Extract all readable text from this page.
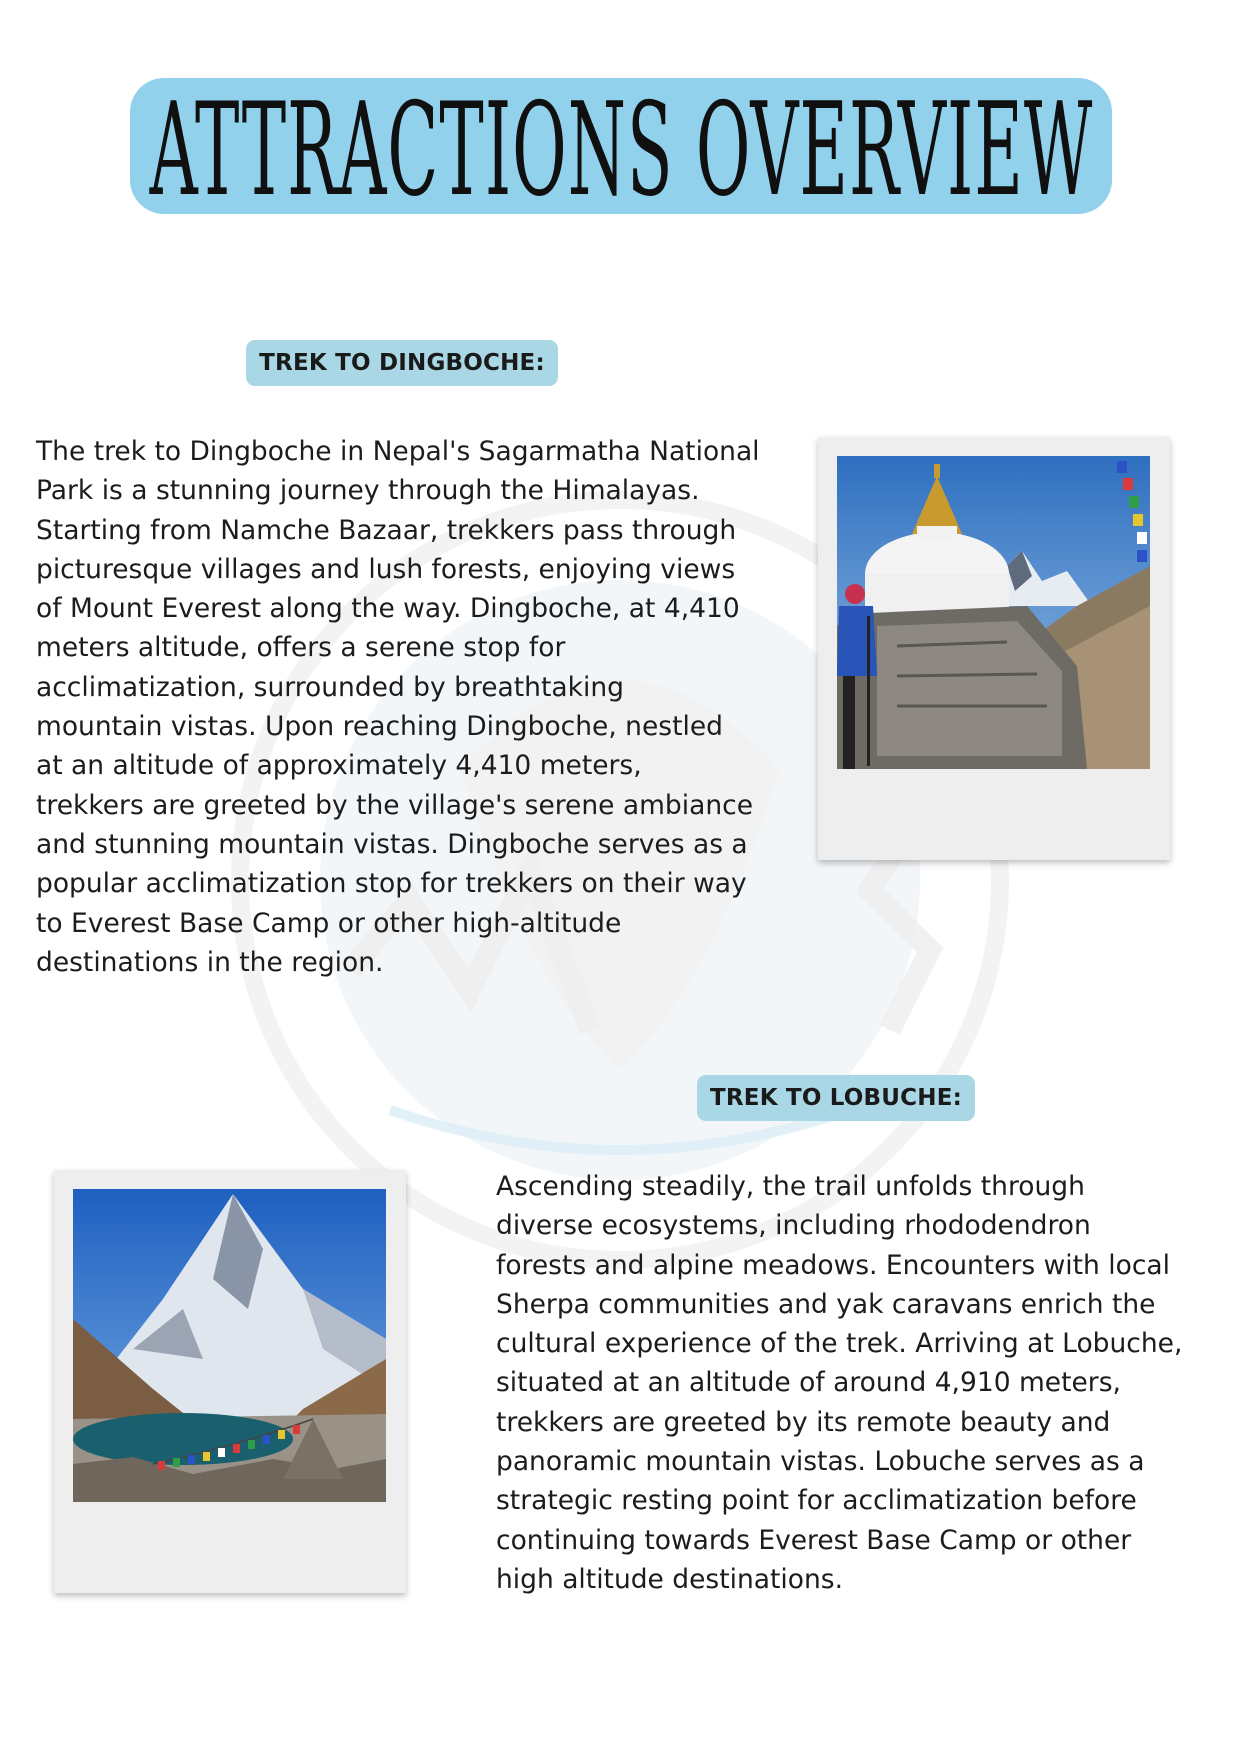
ATTRACTIONS OVERVIEW
TREK TO DINGBOCHE:
The trek to Dingboche in Nepal's Sagarmatha National
Park is a stunning journey through the Himalayas.
Starting from Namche Bazaar, trekkers pass through
picturesque villages and lush forests, enjoying views
of Mount Everest along the way. Dingboche, at 4,410
meters altitude, offers a serene stop for
acclimatization, surrounded by breathtaking
mountain vistas. Upon reaching Dingboche, nestled
at an altitude of approximately 4,410 meters,
trekkers are greeted by the village's serene ambiance
and stunning mountain vistas. Dingboche serves as a
popular acclimatization stop for trekkers on their way
to Everest Base Camp or other high-altitude
destinations in the region.
TREK TO LOBUCHE:
Ascending steadily, the trail unfolds through
diverse ecosystems, including rhododendron
forests and alpine meadows. Encounters with local
Sherpa communities and yak caravans enrich the
cultural experience of the trek. Arriving at Lobuche,
situated at an altitude of around 4,910 meters,
trekkers are greeted by its remote beauty and
panoramic mountain vistas. Lobuche serves as a
strategic resting point for acclimatization before
continuing towards Everest Base Camp or other
high altitude destinations.
